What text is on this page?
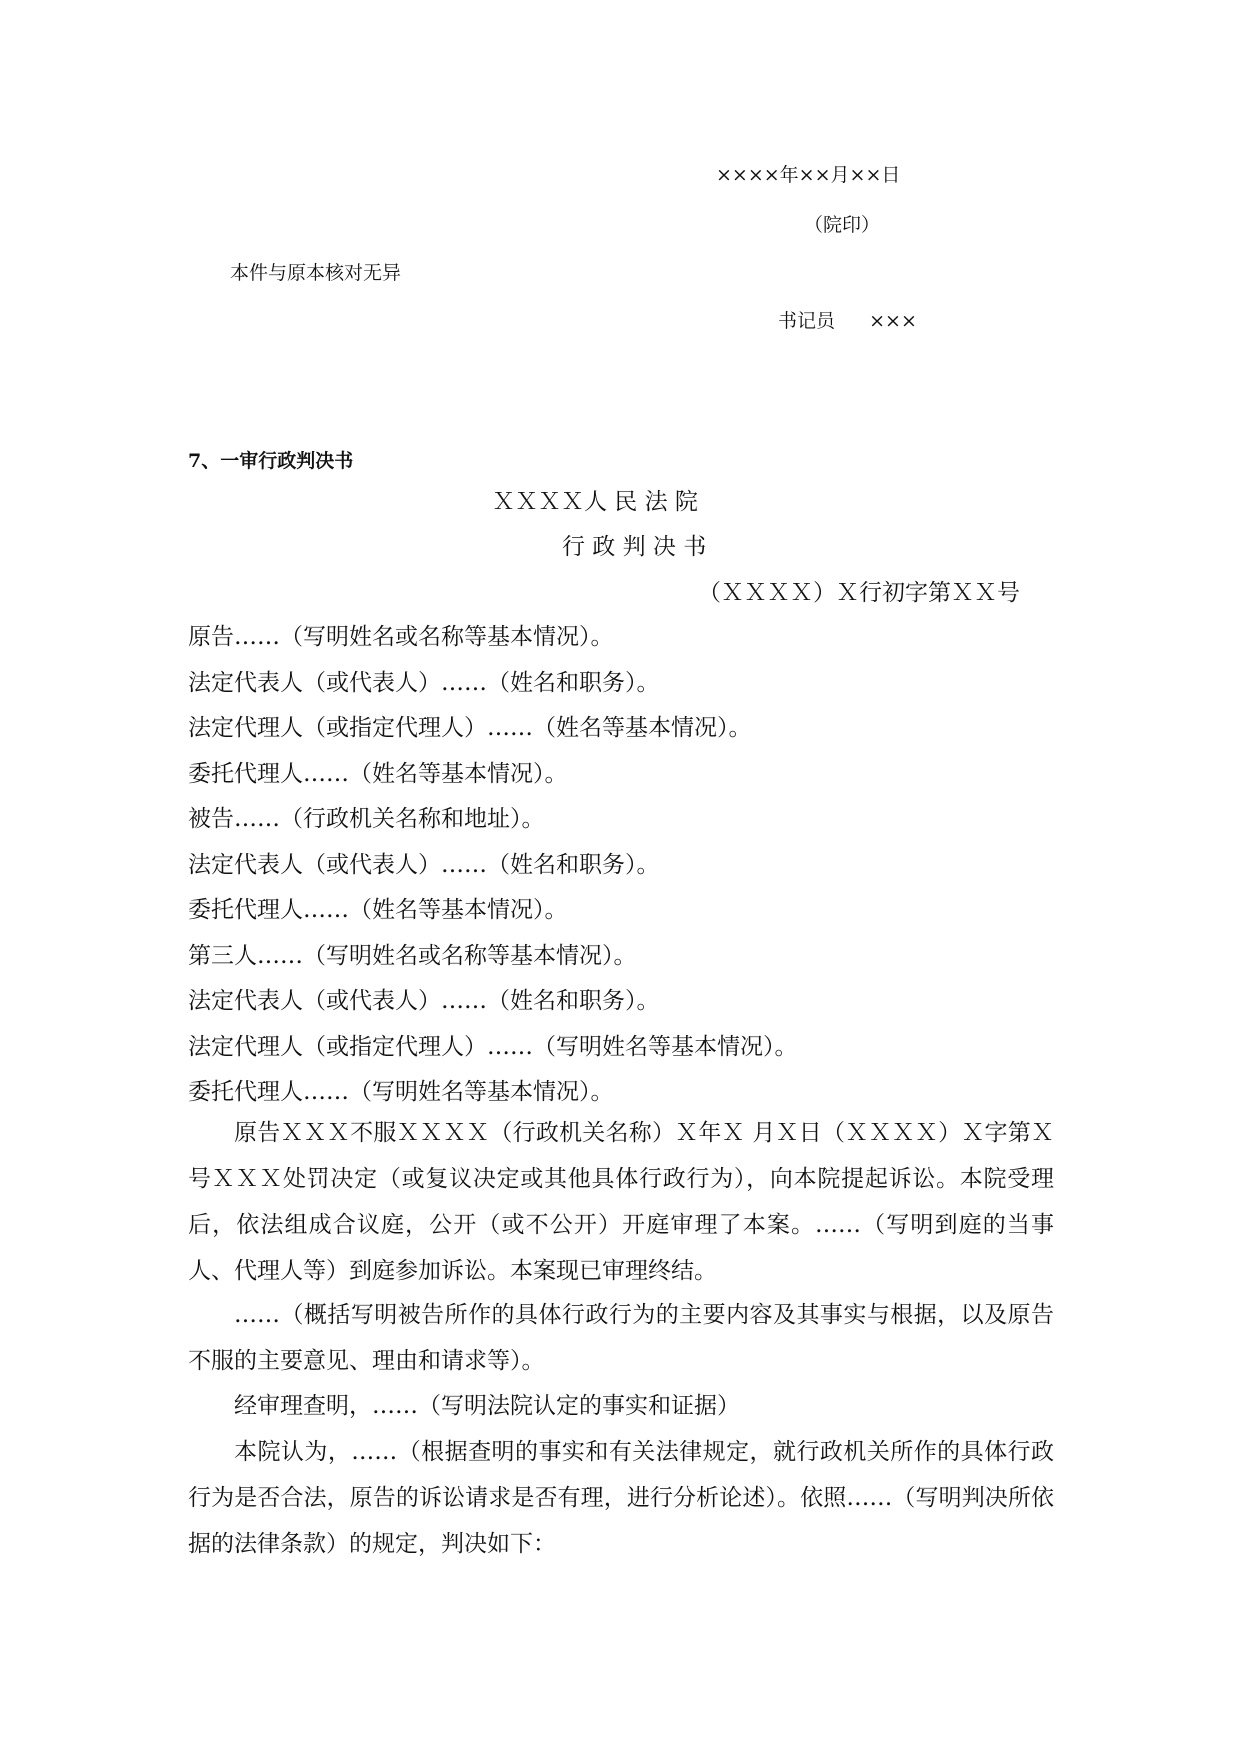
××××年××月××日
（院印）
本件与原本核对无异
书记员 ×××
7、一审行政判决书
ＸＸＸＸ人 民 法 院
行 政 判 决 书
（ＸＸＸＸ）Ｘ行初字第ＸＸ号
原告……（写明姓名或名称等基本情况）。
法定代表人（或代表人）……（姓名和职务）。
法定代理人（或指定代理人）……（姓名等基本情况）。
委托代理人……（姓名等基本情况）。
被告……（行政机关名称和地址）。
法定代表人（或代表人）……（姓名和职务）。
委托代理人……（姓名等基本情况）。
第三人……（写明姓名或名称等基本情况）。
法定代表人（或代表人）……（姓名和职务）。
法定代理人（或指定代理人）……（写明姓名等基本情况）。
委托代理人……（写明姓名等基本情况）。
原告ＸＸＸ不服ＸＸＸＸ（行政机关名称）Ｘ年Ｘ 月Ｘ日（ＸＸＸＸ）Ｘ字第Ｘ 号ＸＸＸ处罚决定（或复议决定或其他具体行政行为），向本院提起诉讼。本院受理后，依法组成合议庭，公开（或不公开）开庭审理了本案。……（写明到庭的当事人、代理人等）到庭参加诉讼。本案现已审理终结。
……（概括写明被告所作的具体行政行为的主要内容及其事实与根据，以及原告不服的主要意见、理由和请求等）。
经审理查明，……（写明法院认定的事实和证据）
本院认为，……（根据查明的事实和有关法律规定，就行政机关所作的具体行政行为是否合法，原告的诉讼请求是否有理，进行分析论述）。依照……（写明判决所依据的法律条款）的规定，判决如下：
